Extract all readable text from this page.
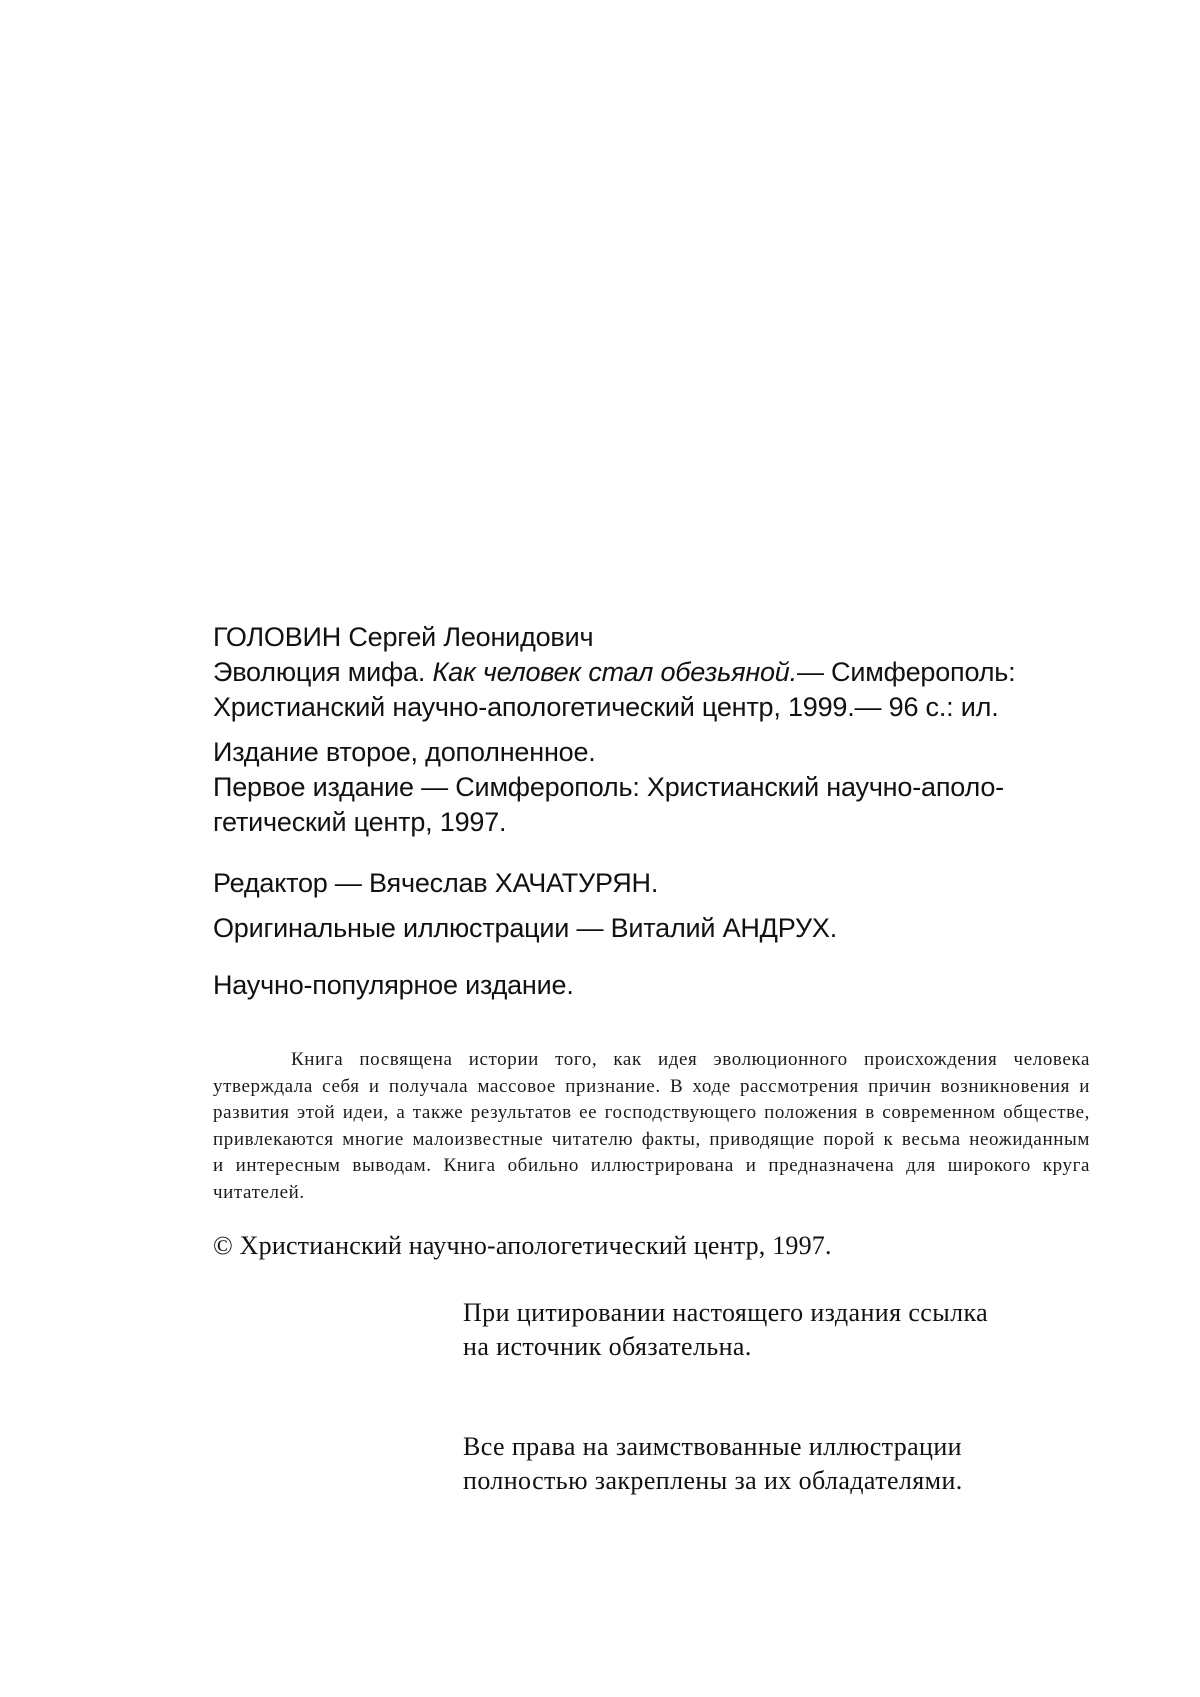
ГОЛОВИН Сергей Леонидович
Эволюция мифа. Как человек стал обезьяной.— Симферополь:
Христианский научно-апологетический центр, 1999.— 96 с.: ил.
Издание второе, дополненное.
Первое издание — Симферополь: Христианский научно-аполо-
гетический центр, 1997.
Редактор — Вячеслав ХАЧАТУРЯН.
Оригинальные иллюстрации — Виталий АНДРУХ.
Научно-популярное издание.

Книга посвящена истории того, как идея эволюционного происхождения человека утверждала себя и получала массовое признание. В ходе рассмотрения причин возникновения и развития этой идеи, а также результатов ее господствующего положения в современном обществе, привлекаются многие малоизвестные читателю факты, приводящие порой к весьма неожиданным и интересным выводам. Книга обильно иллюстрирована и предназначена для широкого круга читателей.

© Христианский научно-апологетический центр, 1997.
При цитировании настоящего издания ссылка
на источник обязательна.
Все права на заимствованные иллюстрации
полностью закреплены за их обладателями.
